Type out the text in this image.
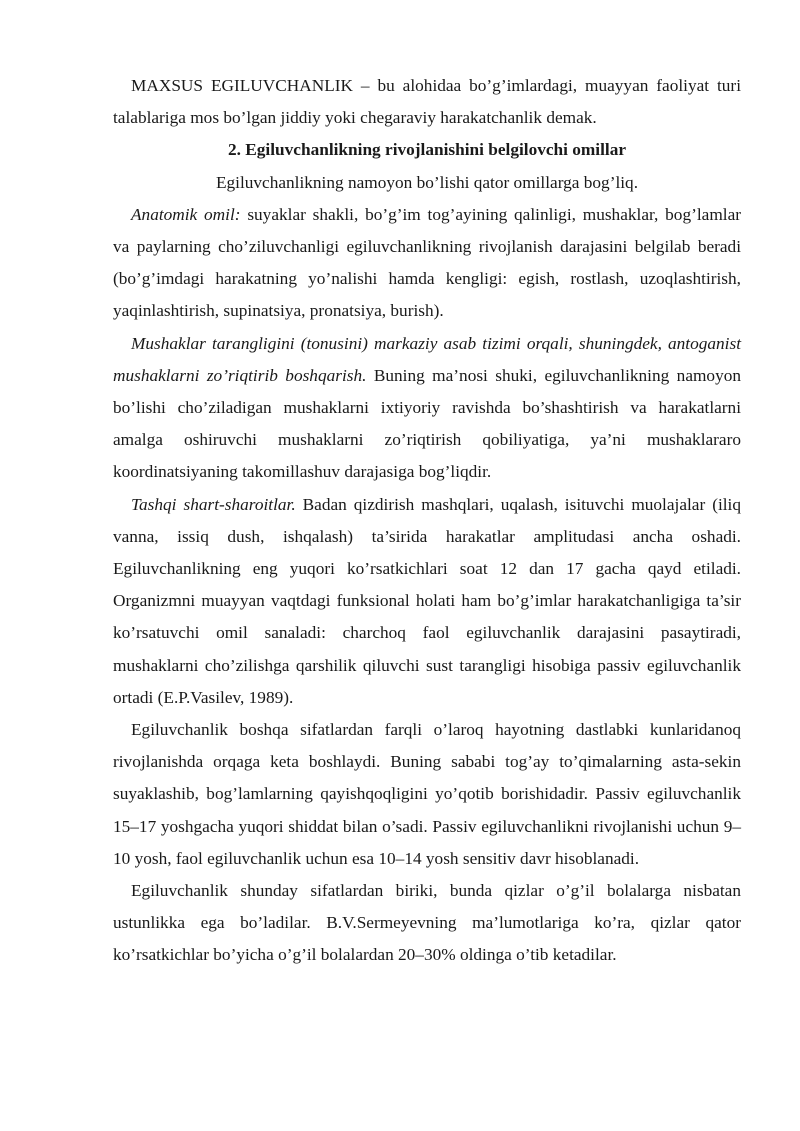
MAXSUS EGILUVCHANLIK – bu alohidaa bo’g’imlardagi, muayyan faoliyat turi talablariga mos bo’lgan jiddiy yoki chegaraviy harakatchanlik demak.

2. Egiluvchanlikning rivojlanishini belgilovchi omillar

Egiluvchanlikning namoyon bo’lishi qator omillarga bog’liq.

Anatomik omil: suyaklar shakli, bo’g’im tog’ayining qalinligi, mushaklar, bog’lamlar va paylarning cho’ziluvchanligi egiluvchanlikning rivojlanish darajasini belgilab beradi (bo’g’imdagi harakatning yo’nalishi hamda kengligi: egish, rostlash, uzoqlashtirish, yaqinlashtirish, supinatsiya, pronatsiya, burish).

Mushaklar tarangligini (tonusini) markaziy asab tizimi orqali, shuningdek, antoganist mushaklarni zo’riqtirib boshqarish. Buning ma’nosi shuki, egiluvchanlikning namoyon bo’lishi cho’ziladigan mushaklarni ixtiyoriy ravishda bo’shashtirish va harakatlarni amalga oshiruvchi mushaklarni zo’riqtirish qobiliyatiga, ya’ni mushaklararo koordinatsiyaning takomillashuv darajasiga bog’liqdir.

Tashqi shart-sharoitlar. Badan qizdirish mashqlari, uqalash, isituvchi muolajalar (iliq vanna, issiq dush, ishqalash) ta’sirida harakatlar amplitudasi ancha oshadi. Egiluvchanlikning eng yuqori ko’rsatkichlari soat 12 dan 17 gacha qayd etiladi. Organizmni muayyan vaqtdagi funksional holati ham bo’g’imlar harakatchanligiga ta’sir ko’rsatuvchi omil sanaladi: charchoq faol egiluvchanlik darajasini pasaytiradi, mushaklarni cho’zilishga qarshilik qiluvchi sust tarangligi hisobiga passiv egiluvchanlik ortadi (E.P.Vasilev, 1989).

Egiluvchanlik boshqa sifatlardan farqli o’laroq hayotning dastlabki kunlaridanoq rivojlanishda orqaga keta boshlaydi. Buning sababi tog’ay to’qimalarning asta-sekin suyaklashib, bog’lamlarning qayishqoqligini yo’qotib borishidadir. Passiv egiluvchanlik 15–17 yoshgacha yuqori shiddat bilan o’sadi. Passiv egiluvchanlikni rivojlanishi uchun 9–10 yosh, faol egiluvchanlik uchun esa 10–14 yosh sensitiv davr hisoblanadi.

Egiluvchanlik shunday sifatlardan biriki, bunda qizlar o’g’il bolalarga nisbatan ustunlikka ega bo’ladilar. B.V.Sermeyevning ma’lumotlariga ko’ra, qizlar qator ko’rsatkichlar bo’yicha o’g’il bolalardan 20–30% oldinga o’tib ketadilar.
